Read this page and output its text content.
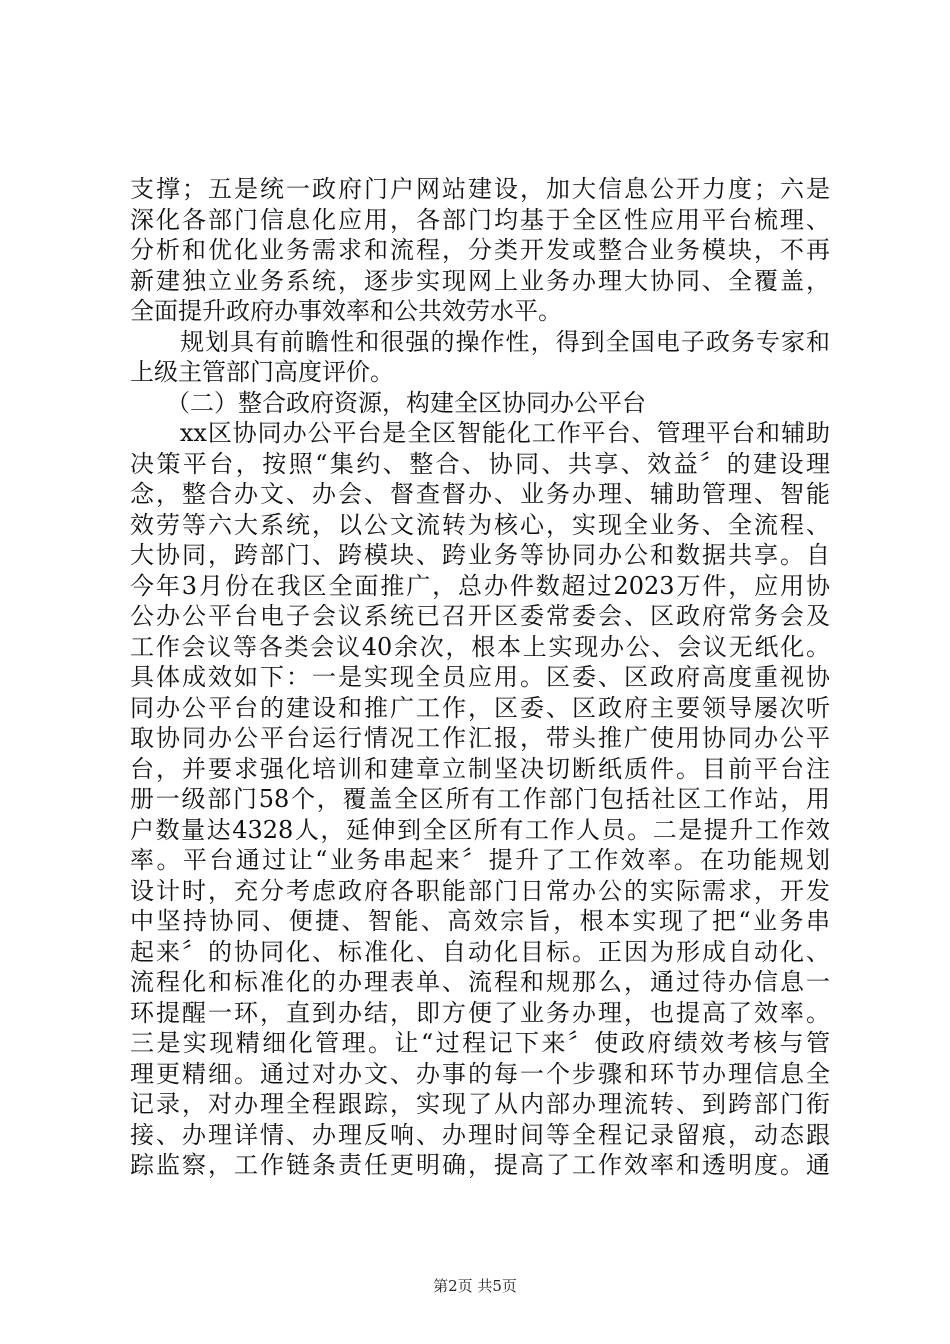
支撑；五是统一政府门户网站建设，加大信息公开力度；六是
深化各部门信息化应用，各部门均基于全区性应用平台梳理、
分析和优化业务需求和流程，分类开发或整合业务模块，不再
新建独立业务系统，逐步实现网上业务办理大协同、全覆盖，
全面提升政府办事效率和公共效劳水平。
　　规划具有前瞻性和很强的操作性，得到全国电子政务专家和
上级主管部门高度评价。
　　（二）整合政府资源，构建全区协同办公平台
　　xx区协同办公平台是全区智能化工作平台、管理平台和辅助
决策平台，按照“集约、整合、协同、共享、效益〞的建设理
念，整合办文、办会、督查督办、业务办理、辅助管理、智能
效劳等六大系统，以公文流转为核心，实现全业务、全流程、
大协同，跨部门、跨模块、跨业务等协同办公和数据共享。自
今年3月份在我区全面推广，总办件数超过2023万件，应用协
公办公平台电子会议系统已召开区委常委会、区政府常务会及
工作会议等各类会议40余次，根本上实现办公、会议无纸化。
具体成效如下：一是实现全员应用。区委、区政府高度重视协
同办公平台的建设和推广工作，区委、区政府主要领导屡次听
取协同办公平台运行情况工作汇报，带头推广使用协同办公平
台，并要求强化培训和建章立制坚决切断纸质件。目前平台注
册一级部门58个，覆盖全区所有工作部门包括社区工作站，用
户数量达4328人，延伸到全区所有工作人员。二是提升工作效
率。平台通过让“业务串起来〞提升了工作效率。在功能规划
设计时，充分考虑政府各职能部门日常办公的实际需求，开发
中坚持协同、便捷、智能、高效宗旨，根本实现了把“业务串
起来〞的协同化、标准化、自动化目标。正因为形成自动化、
流程化和标准化的办理表单、流程和规那么，通过待办信息一
环提醒一环，直到办结，即方便了业务办理，也提高了效率。
三是实现精细化管理。让“过程记下来〞使政府绩效考核与管
理更精细。通过对办文、办事的每一个步骤和环节办理信息全
记录，对办理全程跟踪，实现了从内部办理流转、到跨部门衔
接、办理详情、办理反响、办理时间等全程记录留痕，动态跟
踪监察，工作链条责任更明确，提高了工作效率和透明度。通
第2页 共5页
